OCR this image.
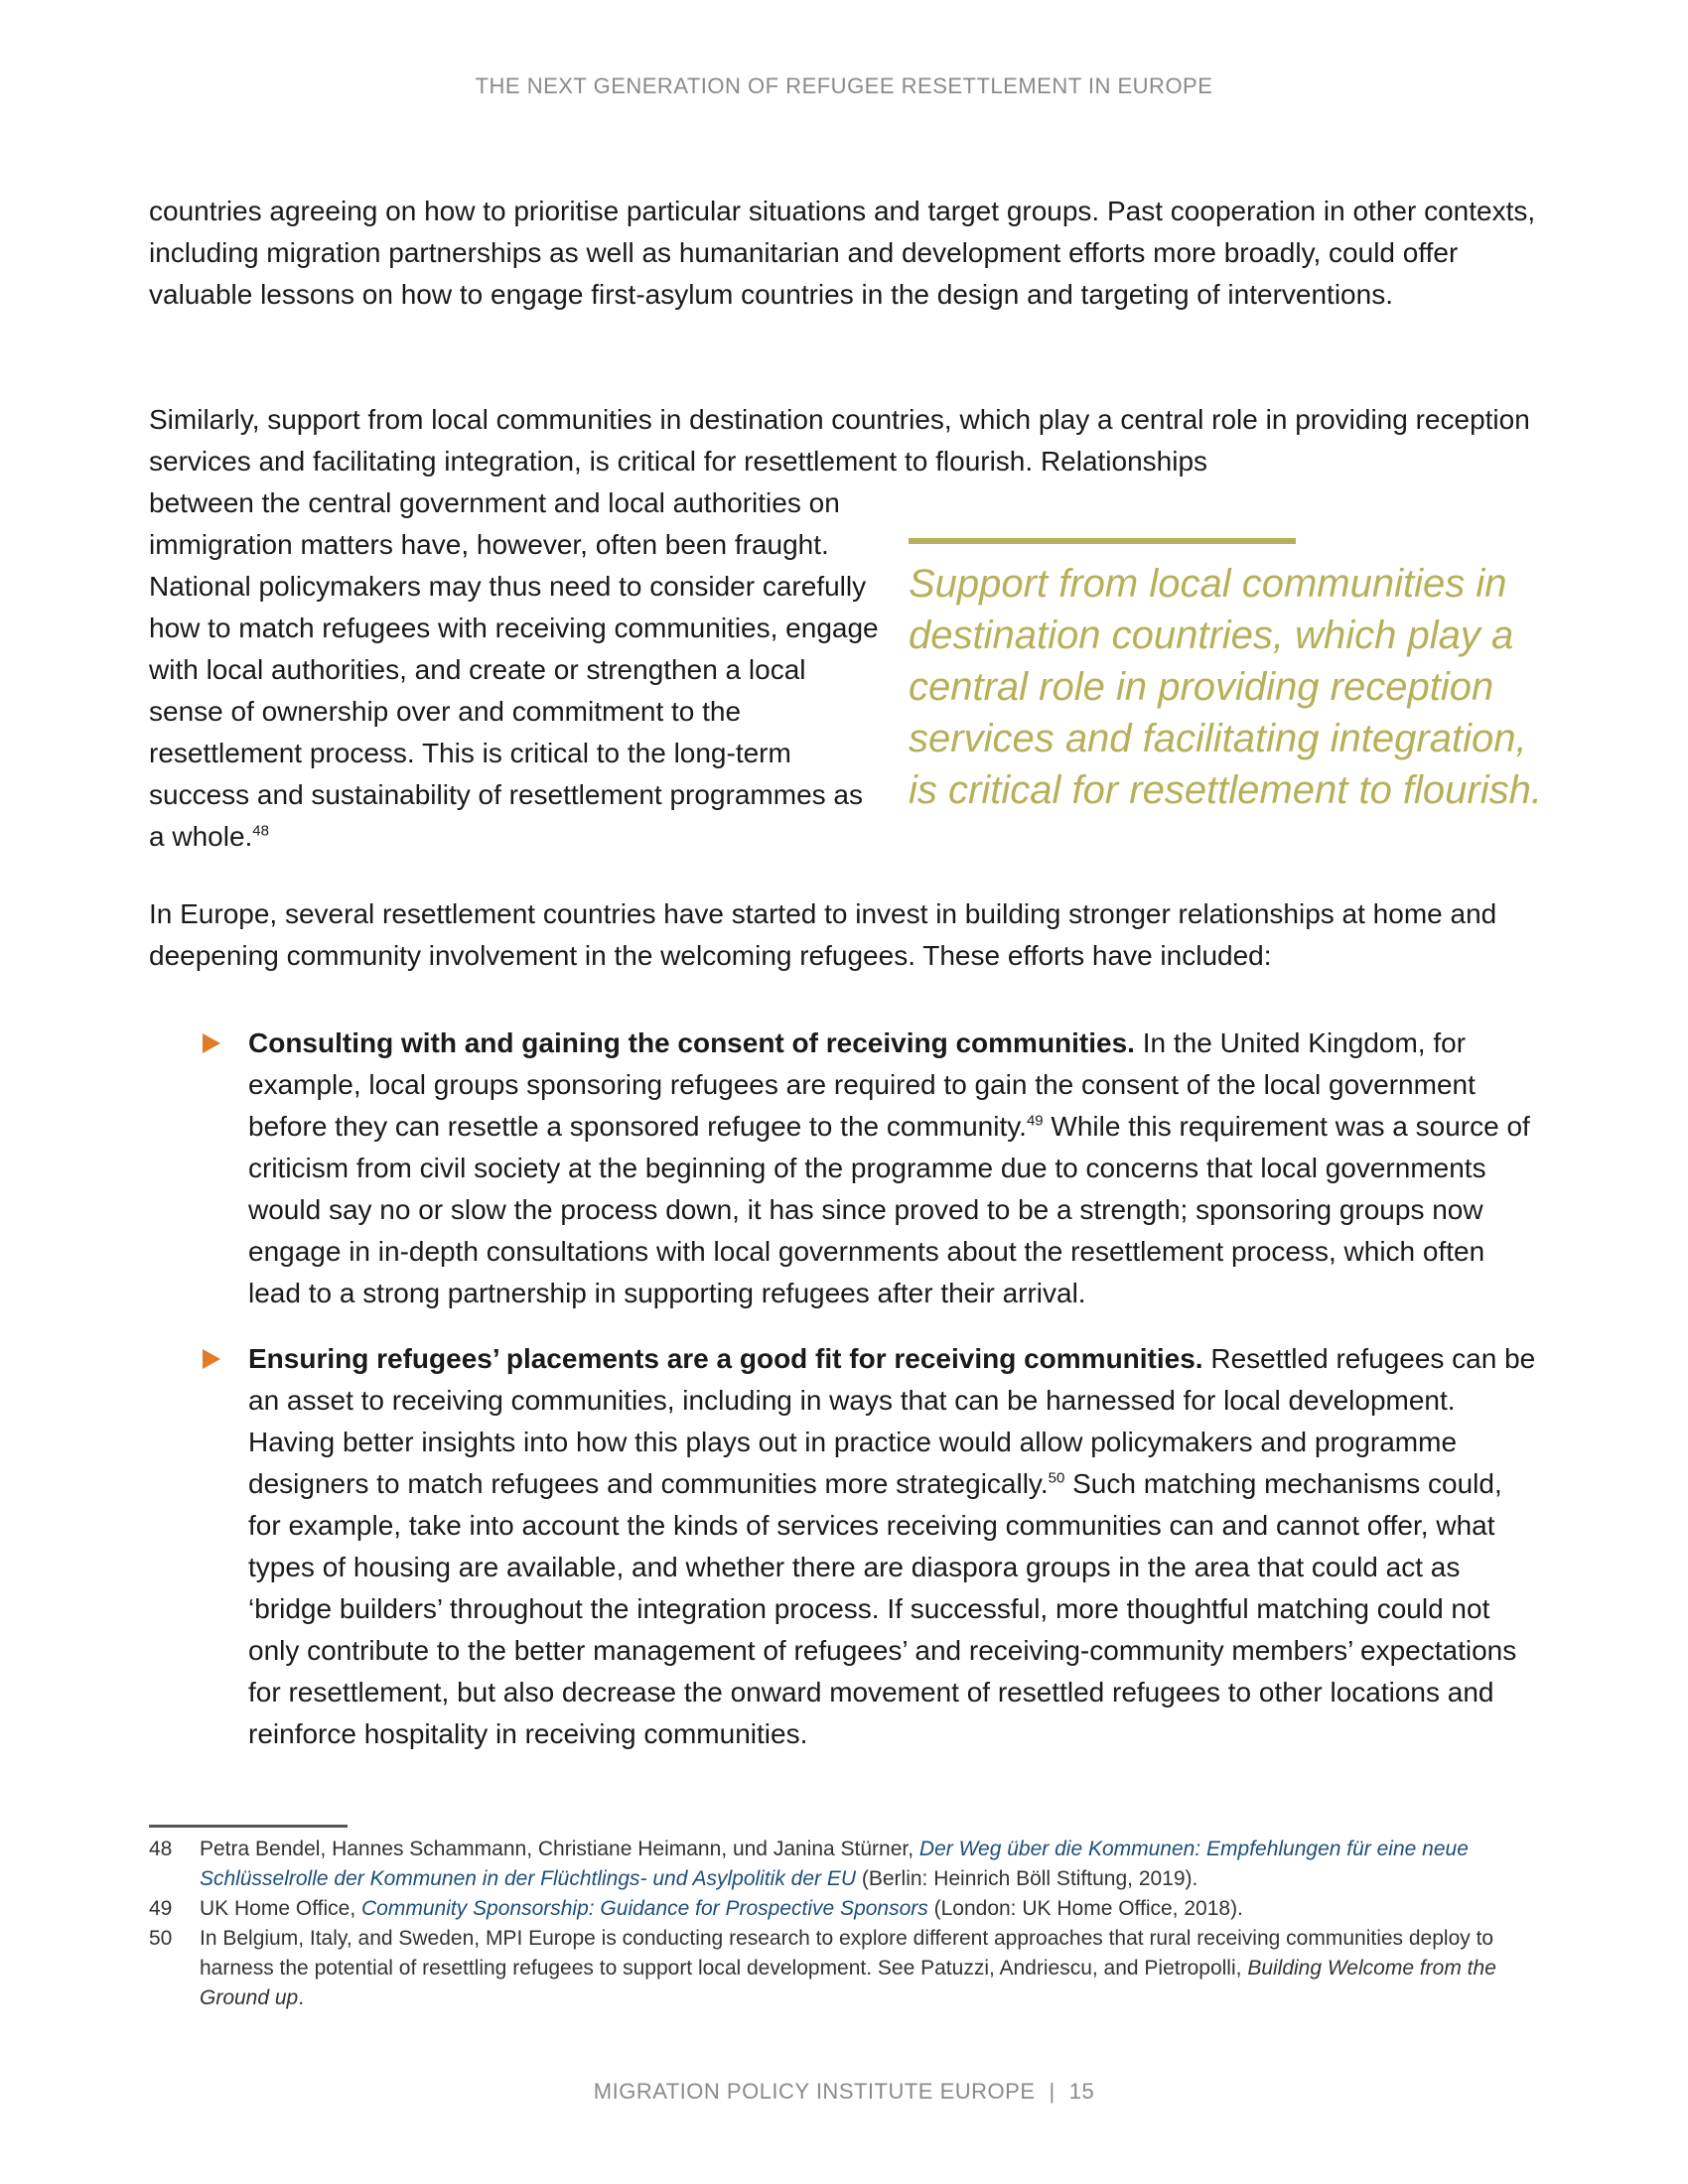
THE NEXT GENERATION OF REFUGEE RESETTLEMENT IN EUROPE

countries agreeing on how to prioritise particular situations and target groups. Past cooperation in other contexts, including migration partnerships as well as humanitarian and development efforts more broadly, could offer valuable lessons on how to engage first-asylum countries in the design and targeting of interventions.

Similarly, support from local communities in destination countries, which play a central role in providing reception services and facilitating integration, is critical for resettlement to flourish. Relationships

between the central government and local authorities on immigration matters have, however, often been fraught. National policymakers may thus need to consider carefully how to match refugees with receiving communities, engage with local authorities, and create or strengthen a local sense of ownership over and commitment to the resettlement process. This is critical to the long-term success and sustainability of resettlement programmes as a whole.$^{48}$
Support from local communities in destination countries, which play a central role in providing reception services and facilitating integration, is critical for resettlement to flourish.

In Europe, several resettlement countries have started to invest in building stronger relationships at home and deepening community involvement in the welcoming refugees. These efforts have included:

Consulting with and gaining the consent of receiving communities. In the United Kingdom, for example, local groups sponsoring refugees are required to gain the consent of the local government before they can resettle a sponsored refugee to the community.$^{49}$ While this requirement was a source of criticism from civil society at the beginning of the programme due to concerns that local governments would say no or slow the process down, it has since proved to be a strength; sponsoring groups now engage in in-depth consultations with local governments about the resettlement process, which often lead to a strong partnership in supporting refugees after their arrival.
Ensuring refugees’ placements are a good fit for receiving communities. Resettled refugees can be an asset to receiving communities, including in ways that can be harnessed for local development. Having better insights into how this plays out in practice would allow policymakers and programme designers to match refugees and communities more strategically.$^{50}$ Such matching mechanisms could, for example, take into account the kinds of services receiving communities can and cannot offer, what types of housing are available, and whether there are diaspora groups in the area that could act as ‘bridge builders’ throughout the integration process. If successful, more thoughtful matching could not only contribute to the better management of refugees’ and receiving-community members’ expectations for resettlement, but also decrease the onward movement of resettled refugees to other locations and reinforce hospitality in receiving communities.
48 Petra Bendel, Hannes Schammann, Christiane Heimann, und Janina Stürner, Der Weg über die Kommunen: Empfehlungen für eine neue Schlüsselrolle der Kommunen in der Flüchtlings- und Asylpolitik der EU (Berlin: Heinrich Böll Stiftung, 2019).
49 UK Home Office, Community Sponsorship: Guidance for Prospective Sponsors (London: UK Home Office, 2018).
50 In Belgium, Italy, and Sweden, MPI Europe is conducting research to explore different approaches that rural receiving communities deploy to harness the potential of resettling refugees to support local development. See Patuzzi, Andriescu, and Pietropolli, Building Welcome from the Ground up.
MIGRATION POLICY INSTITUTE EUROPE | 15
